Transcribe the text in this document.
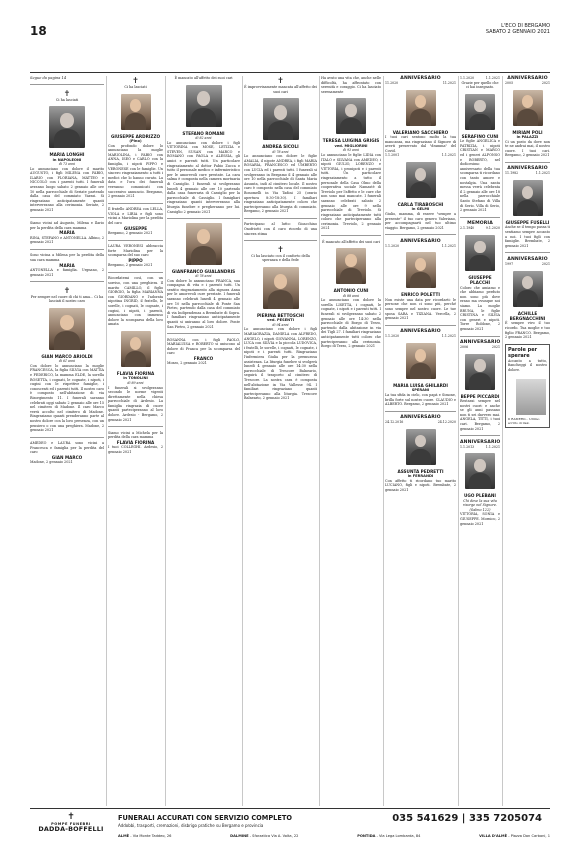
18	L'ECO DI BERGAMO
SABATO 2 GENNAIO 2021
Segue da pagina 14
✝
Ci ha lasciati
MARIA LONGHI
in NAPOLEONI
di 73 anni
Lo annunciano con dolore il marito AUGUSTO, i figli MILENA con FABIO, ILARIO con FLORIANA, MATTEO e NICCOLÒ con i parenti tutti. I funerali avranno luogo sabato 2 gennaio alle ore 10 nella parrocchiale di Seriate partendo dalla casa del commiato Varasi. Si ringraziano anticipatamente quanti interverranno alla cerimonia. Seriate, 2 gennaio 2021
Siamo vicini ad Augusto, Milena e Ilario per la perdita della cara mamma
MARIA
RINA, STEFANO e ANTONELLA. Albino, 2 gennaio 2021
Sono vicina a Milena per la perdita della sua cara mamma
MARIA
ANTONELLA e famiglia. Urgnano, 2 gennaio 2021
✝
Per sempre nel cuore di chi ti ama... Ci ha lasciati il nostro caro
GIAN MARCO ARIOLDI
di 61 anni
Con dolore lo annunciano la moglie FRANCESCA, la figlia SILVIA con MATTIA e FEDERICO, la mamma ELDE, la sorella ROSETTA, i cognati, le cognate, i nipoti, i cugini con le rispettive famiglie, i conoscenti ed i parenti tutti. Il nostro caro è composto nell'abitazione di via Risorgimento 11. I funerali saranno celebrati oggi sabato 2 gennaio alle ore 15 nel cimitero di Madone. Il caro Marco verrà accolto nel cimitero di Madone. Ringraziamo quanti prenderanno parte al nostro dolore con la loro presenza, con un pensiero o con una preghiera. Madone, 2 gennaio 2021
AMEDEO e LAURA sono vicini a Francesca e famiglia per la perdita del caro
GIAN MARCO
Madone, 2 gennaio 2021
✝
Ci ha lasciati
GIUSEPPE ARDRIZZO
(Pino)
Con profondo dolore lo annunciano la moglie MARIOLINA, i FABIO con ANNA, ISEO e CARLO con la famiglia, i nipoti PIPPO e VERONESE con le famiglie. Un sincero ringraziamento a tutti i medici che lo hanno curato. La data e l'ora dei funerali verranno comunicati con successivo annuncio. Bergamo, 2 gennaio 2021
Il fratello ANDREA con LELLA, VIOLA e LIRIA e figli sono vicini a Mariolina per la perdita del caro
GIUSEPPE
Bergamo, 2 gennaio 2021
LAURA VERONESI abbraccia forte Mariolina per la scomparsa del suo caro
PIPPO
Bergamo, 2 gennaio 2021
Ricordatemi così, con un sorriso, con una preghiera. Il marito CAMILLO, il figlio GIORGIO, la figlia MARIANNA con GIORDANO e l'adorata nipotina INGRID, il fratello, le sorelle, i cognati, le cognate, i cugini, i nipoti, i parenti, annunciano con immenso dolore la scomparsa della loro amata
FLAVIA FIORINA
in TONOLINI
di 89 anni
I funerali si svolgeranno secondo le norme vigenti direttamente nella chiesa parrocchiale di Ardesio. La famiglia ringrazia di cuore quanti parteciperanno al loro dolore. Ardesio - Bergamo, 2 gennaio 2021
Siamo vicini a Michela per la perdita della cara mamma
FLAVIA FIORINA
I tuoi COLLEGHI. Ardesio, 2 gennaio 2021
È mancato all'affetto dei suoi cari
STEFANO ROMANI
di 82 anni
Lo annunciano con dolore i figli VITTORINA con MOSE, LETIZIA e STEVEN, SUSAN con MARCO e ROMANO con PAOLA e ALESSIA, gli amici e parenti tutti. Un particolare ringraziamento al dottor Fabio Zucca e tutto il personale medico e infermieristico per le amorevoli cure prestate. La cara salma è composta nella camera mortuaria di Cassiglio. I funerali si svolgeranno lunedì 4 gennaio alle ore 10 partendo dalla casa funeraria di Cassiglio per la parrocchiale di Cassiglio. I famigliari ringraziano quanti interverranno alla liturgia funebre e pregheranno per lui. Cassiglio 2 gennaio 2021
GIANFRANCO GUALANDRIS
di 78 anni
Con dolore lo annunciano FRANCA, sua compagna di vita e i parenti tutti. Un sentito ringraziamento alla signora Anna per le amorevoli cure prestate. I funerali saranno celebrati lunedì 4 gennaio alle ore 10 nella parrocchiale di Ponte San Pietro, partendo dalla casa del commiato di via Indipendenza a Brembate di Sopra. I familiari ringraziano anticipatamente quanti si uniranno al loro dolore. Ponte San Pietro, 2 gennaio 2021
ROSANNA con i figli PAOLO, MARIALUISA e ROBERTO si uniscono al dolore di Franca per la scomparsa del caro
FRANCO
Mozzo, 2 gennaio 2021
✝
È improvvisamente mancata all'affetto dei suoi cari
ANDREA SICOLI
di 78 anni
Lo annunciano con dolore le figlie AMALIA, il nipote ANDREA, i figli MARIA ROSARIA, FRANCESCO ed UMBERTO con LUCIA ed i parenti tutti. I funerali si svolgeranno in Bergamo il 4 gennaio alle ore 10 nella parrocchiale di Santa Maria Assunta, indi al cimitero locale. Il nostro caro è composto nella casa del commiato Bonomelli in Via Tadini 25 (orario apertura 8:30-18:30). I familiari ringraziano anticipatamente coloro che parteciperanno alla liturgia di commiato. Bergamo, 2 gennaio 2021
Partecipano al lutto: Gioacchino Onofriotti con il caro ricordo di una sincera stima
✝
Ci ha lasciato con il conforto della speranza e della fede
PIERINA BETTOSCHI
ved. PESENTI
di 94 anni
Lo annunciano con dolore i figli MARIAGRAZIA, DANIELA con ALFREDO, ANGELO, i nipoti GIOVANNA, LORENZO, LUCA con SILVIA e la piccola LUDOVICA, i fratelli, le sorelle, i cognati, le cognate, i nipoti e i parenti tutti. Ringraziano l'infermiera Giulia per la premurosa assistenza. La liturgia funebre si svolgerà lunedì 4 gennaio alle ore 14:30 nella parrocchiale di Trescore Balneario, seguirà il trasporto al cimitero di Trescore. La nostra cara è composta nell'abitazione in Via Vallesse 94. I familiari ringraziano quanti parteciperanno alla liturgia. Trescore Balneario, 2 gennaio 2021
Ha avuto una vita che, anche nelle difficoltà, ha affrontato con serenità e coraggio. Ci ha lasciato serenamente
TERESA LUIGINA GRIGIS
ved. MIGLIORINI
di 93 anni
Lo annunciano le figlie LIDIA con ITALO e SILVANA con AMEDEO, i nipoti GIULIO, LORENZO e VITTORIA, i pronipoti e i parenti tutti. Un particolare ringraziamento a tutto il personale della Casa Olmo della cooperativa sociale Namastè di Treviolo per l'affetto e le cure che non sono mai mancate. I funerali saranno celebrati sabato 2 gennaio alle ore 9 nella parrocchiale di Treviolo. Si ringraziano anticipatamente tutti coloro che parteciperanno alla cerimonia. Treviolo, 2 gennaio 2021
È mancato all'affetto dei suoi cari
ANTONIO CUNI
di 88 anni
Lo annunciano con dolore la sorella LISETTA, i cognati, le cognate, i nipoti e i parenti tutti. I funerali si svolgeranno sabato 2 gennaio alle ore 14:30 nella parrocchiale di Borgo di Terzo, partendo dalla abitazione in via dei Tigli 27. I familiari ringraziano anticipatamente tutti coloro che parteciperanno alla cerimonia. Borgo di Terzo, 2 gennaio 2021
ANNIVERSARIO
11.2020	11.2021
VALERIANO SACCHIERO
I tuoi cari sentono molto la tua mancanza, ma ringraziano il Signore di averti preservato dal "dramma" del Covid.
1.1.2001	1.1.2021
CARLA TIRABOSCHI
in GELMI
Giulio, mamma, di essere "sempre a presente" il tuo caro genero Valeriano, per accompagnarti nel tuo ultimo viaggio. Bergamo, 2 gennaio 2021
ANNIVERSARIO
1.1.2020	1.1.2021
ENRICO POLETTI
Non esiste una data per ricordarti: le persone che non ci sono più, perché sono sempre nel nostro cuore. Le tue sposa SARA e TIZIANA. Vercella, 2 gennaio 2021
ANNIVERSARIO
1.1.2020	1.1.2021
MARIA LUISA GHILARDI
SPERANI
La tua sfida in cielo, con papà e Simone, brilla forte sul nostro cuore. CLAUDIO e ALBERTO. Bergamo, 2 gennaio 2021
ANNIVERSARIO
24.12.2016	24.12.2020
ASSUNTA PEDRETTI
in FERRANDI
Con affetto ti ricordano tuo marito LUCIANO, figli e nipoti. Brembate, 2 gennaio 2021
1.1.2020	1.1.2021
Grazie per quello che ci hai insegnato.
SERAFINO CUNI
Le figlie ANGELICA e PATRIZIA, i nipoti CRISTIAN e MARCO ed i generi ALFONSO e ROBERTO, nel dodicesimo anniversario della tua scomparsa ti ricordano con tanto amore e nostalgia. Una santa messa verrà celebrata il 2 gennaio alle ore 18 nella parrocchiale Santo Stefano di Villa di Serio. Villa di Serio, 2 gennaio 2021
MEMORIA
2.1.1940	9.1.2020
GIUSEPPE PLACCHI
Coloro che amiamo e che abbiamo perduto non sono più dove erano ma ovunque noi siamo. La moglie BRUNA, le figlie CRISTINA e SILVIA con generi e nipoti. Torre Boldone, 2 gennaio 2021
ANNIVERSARIO
2006	2021
BEPPE PICCARDI
Restarai sempre nel nostri cuori: e anche se gli anni passano non ti sei davvero mai. ANGELA, TITTI, i tuoi cari. Bergamo, 2 gennaio 2021
ANNIVERSARIO
1.1.2013	1.1.2021
UGO PLEBANI
Chi deve la sua vita risorge nel Signore. (Salmo 122)
VITTORIA, SONIA e GIUSEPPE. Mornico, 2 gennaio 2021
ANNIVERSARIO
2005	2021
MIRIAM POLI
in PALAZZI
Ci un posto da dove non te ne andrai mai, il nostro cuore. I tuoi cari. Bergamo, 2 gennaio 2021
ANNIVERSARIO
11.1982	1.1.2021
GIUSEPPE FUSELLI
Anche se il tempo passa ti sentiamo sempre accanto a noi. I tuoi figli con famiglie. Brembate, 2 gennaio 2021
ANNIVERSARIO
1997	2021
ACHILLE BERGNACCHINI
È sempre vivo il tuo ricordo. Tua moglie e tuo figlio FRANCO. Bergamo, 2 gennaio 2021
Parole per sperare
Accanto a tutto, fiancheggi il nostro dolore.
Il RAMERO... Ultimo scritto di italo
✝
POMPE FUNEBRI
DADDA-BOFFELLI
FUNERALI ACCURATI CON SERVIZIO COMPLETO
Addobbi, trasporti, cremazioni, disbrigo pratiche su Bergamo e provincia
035 541629 | 335 7205074
ALMÈ - Via Monte Taddeo, 26	DALMINE - Sforzatica Via A. Volta, 22	PONTIDA - Via Lega Lombarda, 84	VILLA D'ALMÈ - Piazza Don Carboni, 1
